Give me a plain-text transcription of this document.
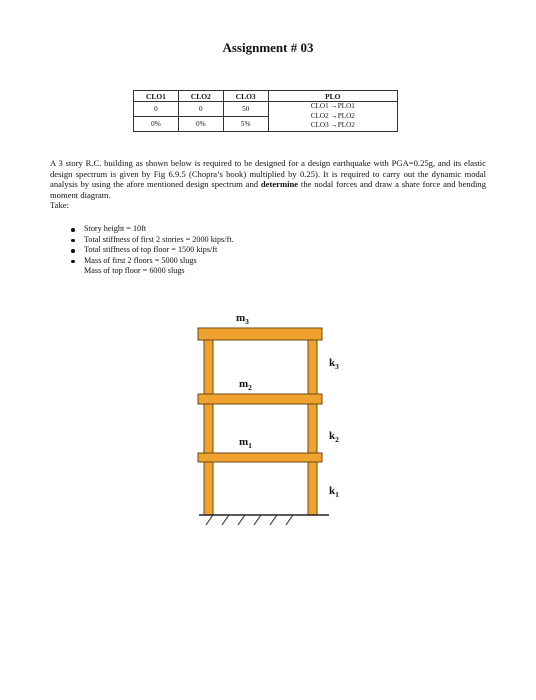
Assignment # 03
CLO1	CLO2	CLO3	PLO
0	0	50	CLO1 →PLO1
CLO2 →PLO2
CLO3 →PLO2

0%	0%	5%	
A 3 story R.C. building as shown below is required to be designed for a design earthquake with PGA=0.25g, and its elastic design spectrum is given by Fig 6.9.5 (Chopra’s book) multiplied by 0.25). It is required to carry out the dynamic modal analysis by using the afore mentioned design spectrum and determine the nodal forces and draw a share force and bending moment diagram.
Take:
Story height = 10ft
Total stiffness of first 2 stories = 2000 kips/ft.
Total stiffness of top floor = 1500 kips/ft
Mass of first 2 floors = 5000 slugs
Mass of top floor = 6000 slugs
$m_3$
$m_2$
$m_1$
$k_3$
$k_2$
$k_1$
